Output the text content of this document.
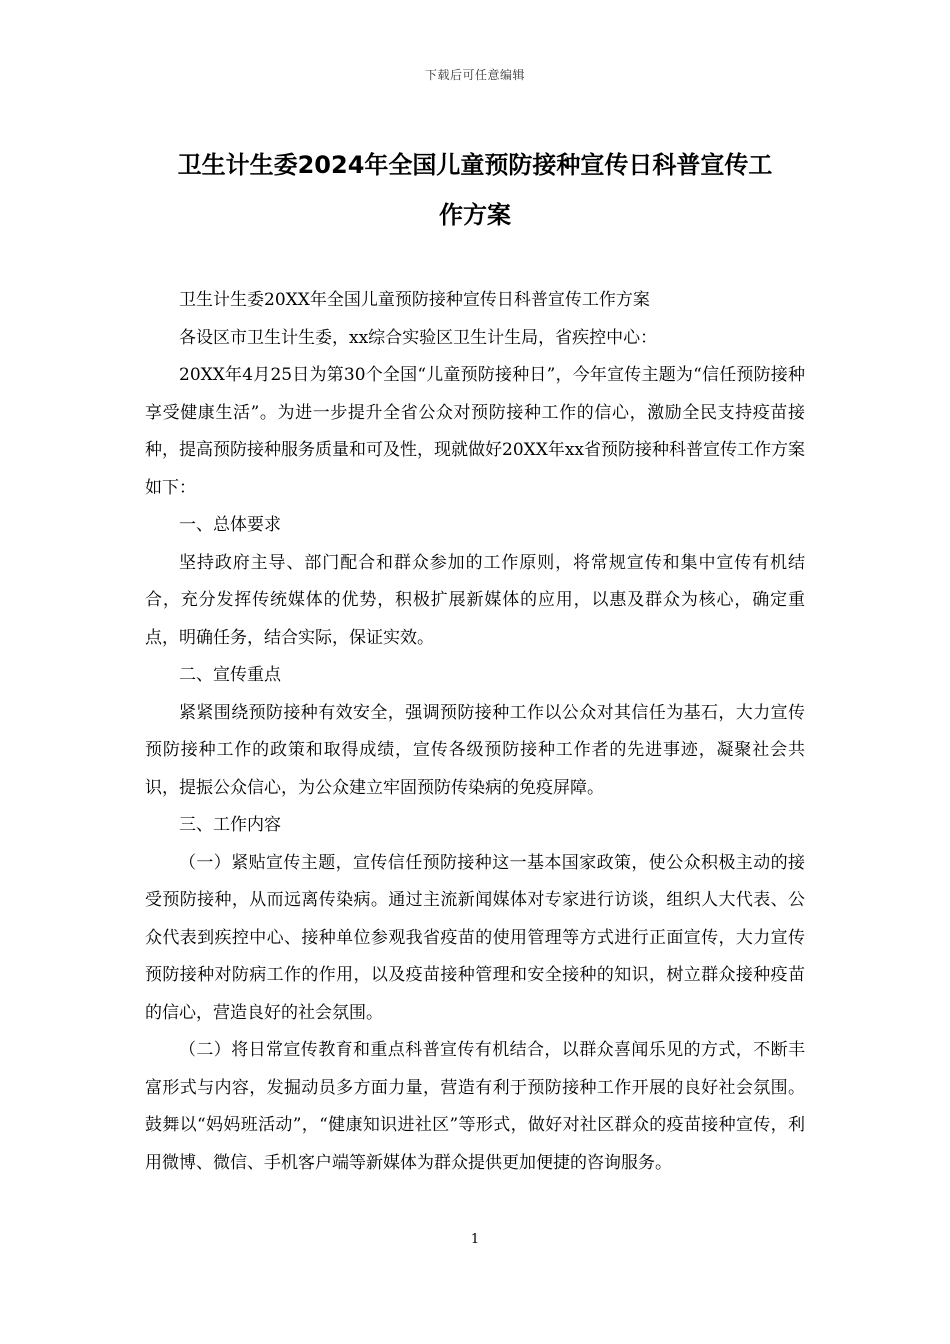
下载后可任意编辑
卫生计生委2024年全国儿童预防接种宣传日科普宣传工
作方案

卫生计生委20XX年全国儿童预防接种宣传日科普宣传工作方案

各设区市卫生计生委，xx综合实验区卫生计生局，省疾控中心：

20XX年4月25日为第30个全国“儿童预防接种日”，今年宣传主题为“信任预防接种享受健康生活”。为进一步提升全省公众对预防接种工作的信心，激励全民支持疫苗接种，提高预防接种服务质量和可及性，现就做好20XX年xx省预防接种科普宣传工作方案如下：

一、总体要求

坚持政府主导、部门配合和群众参加的工作原则，将常规宣传和集中宣传有机结合，充分发挥传统媒体的优势，积极扩展新媒体的应用，以惠及群众为核心，确定重点，明确任务，结合实际，保证实效。

二、宣传重点

紧紧围绕预防接种有效安全，强调预防接种工作以公众对其信任为基石，大力宣传预防接种工作的政策和取得成绩，宣传各级预防接种工作者的先进事迹，凝聚社会共识，提振公众信心，为公众建立牢固预防传染病的免疫屏障。

三、工作内容

（一）紧贴宣传主题，宣传信任预防接种这一基本国家政策，使公众积极主动的接受预防接种，从而远离传染病。通过主流新闻媒体对专家进行访谈，组织人大代表、公众代表到疾控中心、接种单位参观我省疫苗的使用管理等方式进行正面宣传，大力宣传预防接种对防病工作的作用，以及疫苗接种管理和安全接种的知识，树立群众接种疫苗的信心，营造良好的社会氛围。

（二）将日常宣传教育和重点科普宣传有机结合，以群众喜闻乐见的方式，不断丰富形式与内容，发掘动员多方面力量，营造有利于预防接种工作开展的良好社会氛围。鼓舞以“妈妈班活动”，“健康知识进社区”等形式，做好对社区群众的疫苗接种宣传，利用微博、微信、手机客户端等新媒体为群众提供更加便捷的咨询服务。

1
